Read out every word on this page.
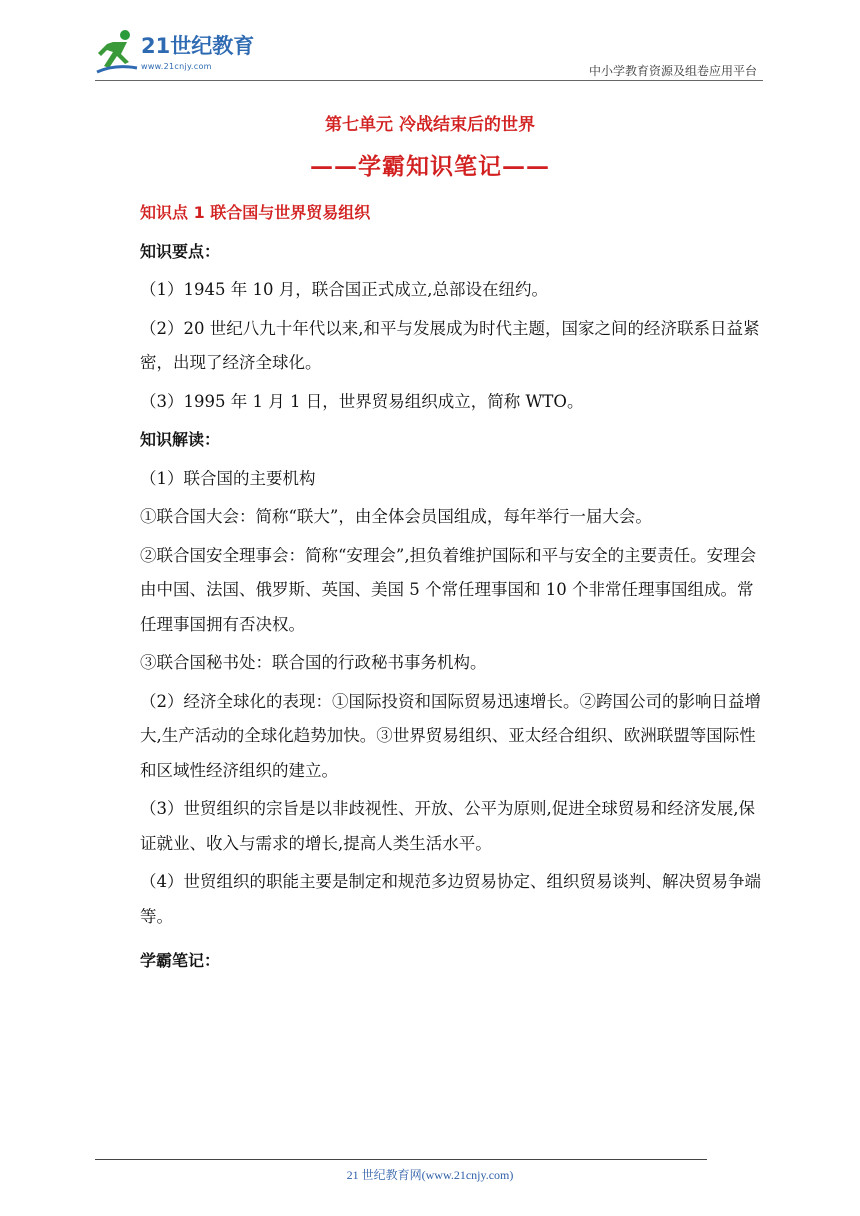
21世纪教育
www.21cnjy.com	中小学教育资源及组卷应用平台
第七单元 冷战结束后的世界
——学霸知识笔记——
知识点 1 联合国与世界贸易组织
知识要点：
（1）1945 年 10 月，联合国正式成立,总部设在纽约。
（2）20 世纪八九十年代以来,和平与发展成为时代主题，国家之间的经济联系日益紧密，出现了经济全球化。
（3）1995 年 1 月 1 日，世界贸易组织成立，简称 WTO。
知识解读：
（1）联合国的主要机构
①联合国大会：简称“联大”，由全体会员国组成，每年举行一届大会。
②联合国安全理事会：简称“安理会”,担负着维护国际和平与安全的主要责任。安理会由中国、法国、俄罗斯、英国、美国 5 个常任理事国和 10 个非常任理事国组成。常任理事国拥有否决权。
③联合国秘书处：联合国的行政秘书事务机构。
（2）经济全球化的表现：①国际投资和国际贸易迅速增长。②跨国公司的影响日益增大,生产活动的全球化趋势加快。③世界贸易组织、亚太经合组织、欧洲联盟等国际性和区域性经济组织的建立。
（3）世贸组织的宗旨是以非歧视性、开放、公平为原则,促进全球贸易和经济发展,保证就业、收入与需求的增长,提高人类生活水平。
（4）世贸组织的职能主要是制定和规范多边贸易协定、组织贸易谈判、解决贸易争端等。
学霸笔记：
21 世纪教育网(www.21cnjy.com)
